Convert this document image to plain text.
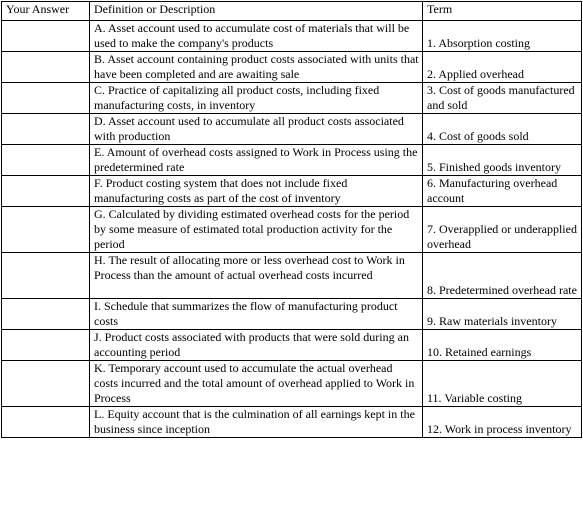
Your Answer	Definition or Description	Term
	A. Asset account used to accumulate cost of materials that will be used to make the company's products	1. Absorption costing
	B. Asset account containing product costs associated with units that have been completed and are awaiting sale	2. Applied overhead
	C. Practice of capitalizing all product costs, including fixed manufacturing costs, in inventory	3. Cost of goods manufactured and sold
	D. Asset account used to accumulate all product costs associated with production	4. Cost of goods sold
	E. Amount of overhead costs assigned to Work in Process using the predetermined rate	5. Finished goods inventory
	F. Product costing system that does not include fixed manufacturing costs as part of the cost of inventory	6. Manufacturing overhead account
	G. Calculated by dividing estimated overhead costs for the period by some measure of estimated total production activity for the period	7. Overapplied or underapplied overhead
	H. The result of allocating more or less overhead cost to Work in Process than the amount of actual overhead costs incurred	8. Predetermined overhead rate
	I. Schedule that summarizes the flow of manufacturing product costs	9. Raw materials inventory
	J. Product costs associated with products that were sold during an accounting period	10. Retained earnings
	K. Temporary account used to accumulate the actual overhead costs incurred and the total amount of overhead applied to Work in Process	11. Variable costing
	L. Equity account that is the culmination of all earnings kept in the business since inception	12. Work in process inventory
